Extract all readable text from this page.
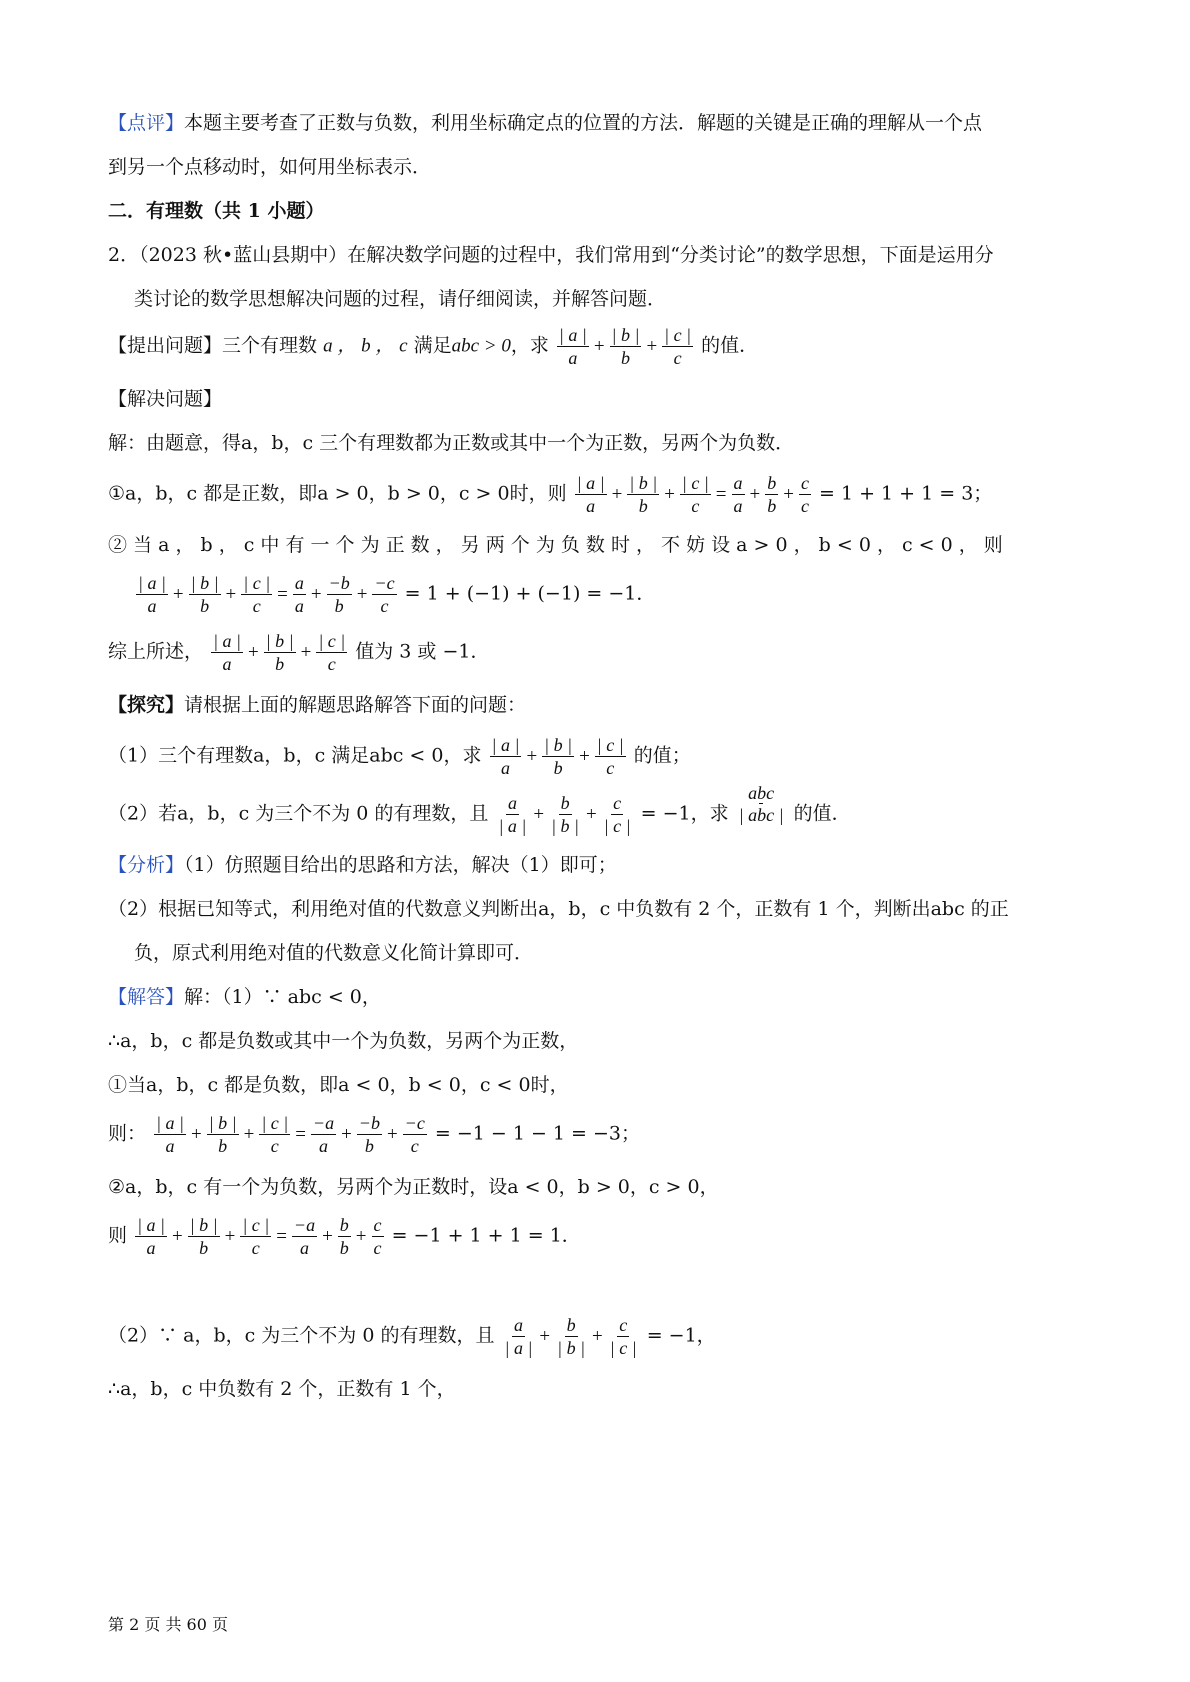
【点评】本题主要考查了正数与负数，利用坐标确定点的位置的方法．解题的关键是正确的理解从一个点
到另一个点移动时，如何用坐标表示．
二．有理数（共 1 小题）
2．（2023 秋•蓝山县期中）在解决数学问题的过程中，我们常用到“分类讨论”的数学思想，下面是运用分
类讨论的数学思想解决问题的过程，请仔细阅读，并解答问题．
【提出问题】三个有理数 a ， b ， c 满足abc > 0，求 $\frac{| a |}{a} + \frac{| b |}{b} + \frac{| c |}{c}$ 的值．
【解决问题】
解：由题意，得a，b，c 三个有理数都为正数或其中一个为正数，另两个为负数．
①a，b，c 都是正数，即a > 0，b > 0，c > 0时，则 $\frac{| a |}{a} + \frac{| b |}{b} + \frac{| c |}{c} = \frac{a}{a} + \frac{b}{b} + \frac{c}{c} = 1 + 1 + 1 = 3$；
② 当 a ， b ， c 中 有 一 个 为 正 数 ， 另 两 个 为 负 数 时 ， 不 妨 设 a > 0 ， b < 0 ， c < 0 ， 则
$\frac{| a |}{a} + \frac{| b |}{b} + \frac{| c |}{c} = \frac{a}{a} + \frac{-b}{b} + \frac{-c}{c} = 1 + (-1) + (-1) = -1$．
综上所述， $\frac{| a |}{a} + \frac{| b |}{b} + \frac{| c |}{c}$ 值为 3 或 −1．
【探究】请根据上面的解题思路解答下面的问题：
（1）三个有理数a，b，c 满足abc < 0，求 $\frac{| a |}{a} + \frac{| b |}{b} + \frac{| c |}{c}$ 的值；
（2）若a，b，c 为三个不为 0 的有理数，且 $\frac{a}{| a |} + \frac{b}{| b |} + \frac{c}{| c |} = -1$，求
abc
| abc | 的值．
【分析】（1）仿照题目给出的思路和方法，解决（1）即可；
（2）根据已知等式，利用绝对值的代数意义判断出a，b，c 中负数有 2 个，正数有 1 个，判断出abc 的正
负，原式利用绝对值的代数意义化简计算即可．
【解答】解：（1）∵ abc < 0，
∴a，b，c 都是负数或其中一个为负数，另两个为正数，
①当a，b，c 都是负数，即a < 0，b < 0，c < 0时，
则： $\frac{| a |}{a} + \frac{| b |}{b} + \frac{| c |}{c} = \frac{-a}{a} + \frac{-b}{b} + \frac{-c}{c} = -1 - 1 - 1 = -3$；
②a，b，c 有一个为负数，另两个为正数时，设a < 0，b > 0，c > 0，
则 $\frac{| a |}{a} + \frac{| b |}{b} + \frac{| c |}{c} = \frac{-a}{a} + \frac{b}{b} + \frac{c}{c} = -1 + 1 + 1 = 1$．
（2）∵ a，b，c 为三个不为 0 的有理数，且 $\frac{a}{| a |} + \frac{b}{| b |} + \frac{c}{| c |} = -1$，
∴a，b，c 中负数有 2 个，正数有 1 个，
第 2 页 共 60 页
